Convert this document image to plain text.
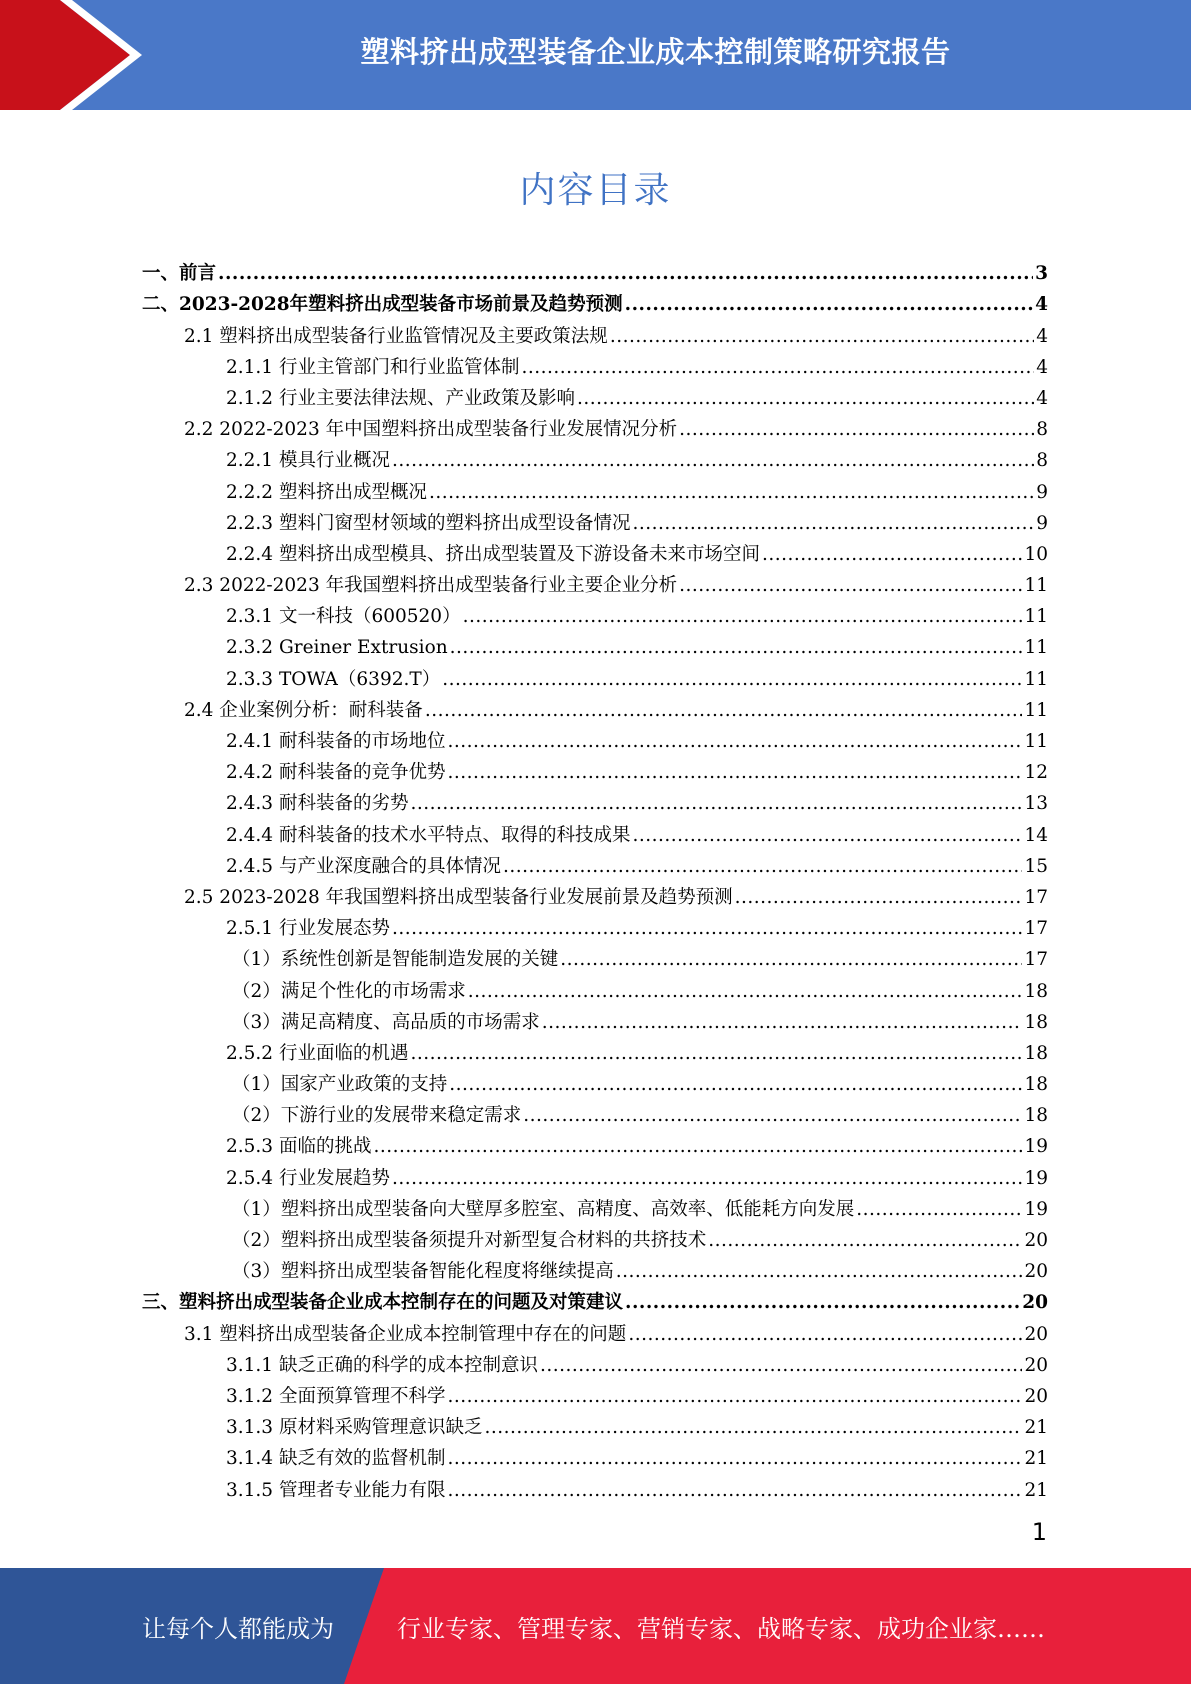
塑料挤出成型装备企业成本控制策略研究报告
内容目录
一、前言 .....	3
二、2023-2028年塑料挤出成型装备市场前景及趋势预测 .....	4
2.1 塑料挤出成型装备行业监管情况及主要政策法规 .....	4
2.1.1 行业主管部门和行业监管体制 .....	4
2.1.2 行业主要法律法规、产业政策及影响 .....	4
2.2 2022-2023 年中国塑料挤出成型装备行业发展情况分析 .....	8
2.2.1 模具行业概况 .....	8
2.2.2 塑料挤出成型概况 .....	9
2.2.3 塑料门窗型材领域的塑料挤出成型设备情况 .....	9
2.2.4 塑料挤出成型模具、挤出成型装置及下游设备未来市场空间 .....	10
2.3 2022-2023 年我国塑料挤出成型装备行业主要企业分析 .....	11
2.3.1 文一科技（600520） .....	11
2.3.2 Greiner Extrusion .....	11
2.3.3 TOWA（6392.T） .....	11
2.4 企业案例分析：耐科装备 .....	11
2.4.1 耐科装备的市场地位 .....	11
2.4.2 耐科装备的竞争优势 .....	12
2.4.3 耐科装备的劣势 .....	13
2.4.4 耐科装备的技术水平特点、取得的科技成果 .....	14
2.4.5 与产业深度融合的具体情况 .....	15
2.5 2023-2028 年我国塑料挤出成型装备行业发展前景及趋势预测 .....	17
2.5.1 行业发展态势 .....	17
（1）系统性创新是智能制造发展的关键 .....	17
（2）满足个性化的市场需求 .....	18
（3）满足高精度、高品质的市场需求 .....	18
2.5.2 行业面临的机遇 .....	18
（1）国家产业政策的支持 .....	18
（2）下游行业的发展带来稳定需求 .....	18
2.5.3 面临的挑战 .....	19
2.5.4 行业发展趋势 .....	19
（1）塑料挤出成型装备向大壁厚多腔室、高精度、高效率、低能耗方向发展 .....	19
（2）塑料挤出成型装备须提升对新型复合材料的共挤技术 .....	20
（3）塑料挤出成型装备智能化程度将继续提高 .....	20
三、塑料挤出成型装备企业成本控制存在的问题及对策建议 .....	20
3.1 塑料挤出成型装备企业成本控制管理中存在的问题 .....	20
3.1.1 缺乏正确的科学的成本控制意识 .....	20
3.1.2 全面预算管理不科学 .....	20
3.1.3 原材料采购管理意识缺乏 .....	21
3.1.4 缺乏有效的监督机制 .....	21
3.1.5 管理者专业能力有限 .....	21
1
让每个人都能成为	行业专家、管理专家、营销专家、战略专家、成功企业家……
